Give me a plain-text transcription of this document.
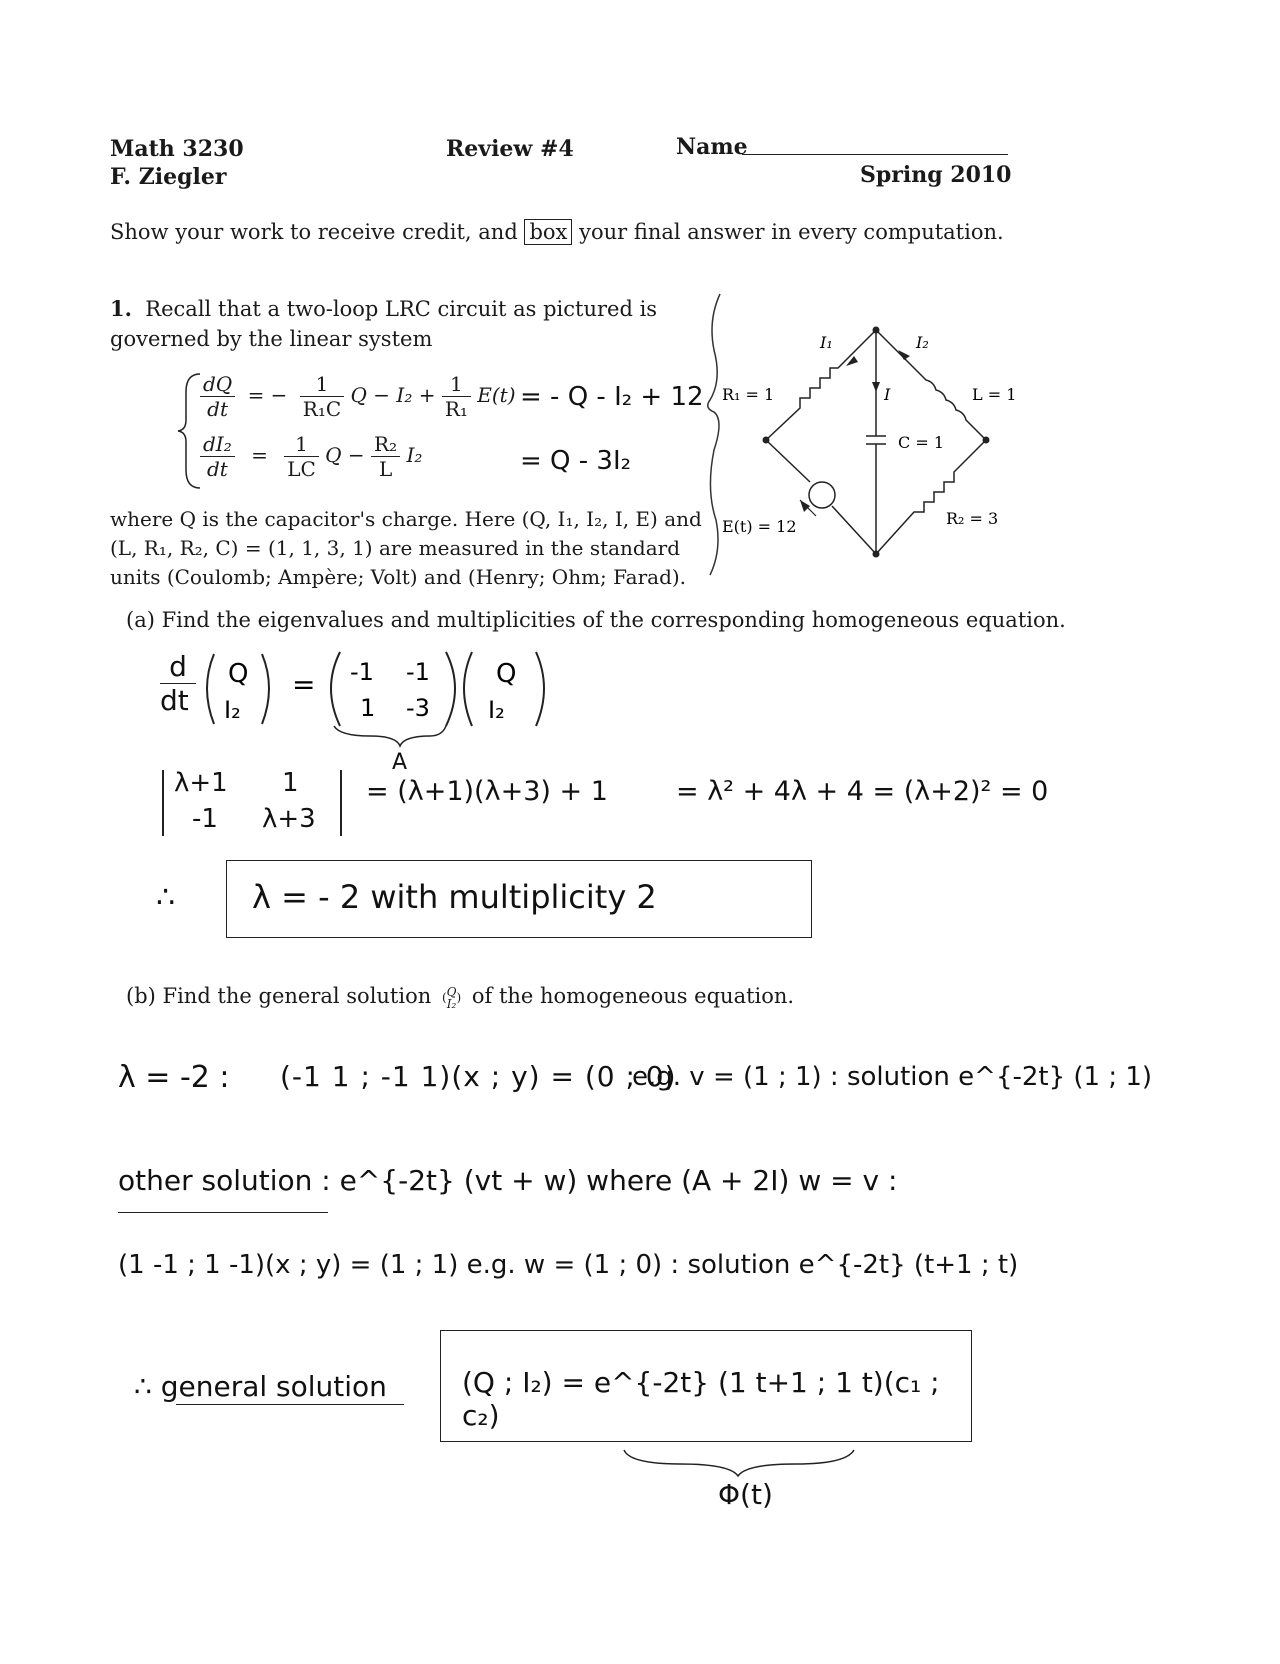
Math 3230
F. Ziegler
Review #4	Name
Spring 2010
Show your work to receive credit, and box your final answer in every computation.
1. Recall that a two-loop LRC circuit as pictured is governed by the linear system
$\frac{dQ}{dt}$ = − $\frac{1}{\text{R₁C}}$ $Q - I_2 + \frac{1}{\text{R₁}} E(t)$ = - Q - I₂ + 12
$\frac{\text{dI₂}}{dt} = \frac{1}{LC}$ $Q - \frac{\text{R₂}}{L} I_2$	= Q - 3I₂
where Q is the capacitor's charge. Here (Q, I₁, I₂, I, E) and (L, R₁, R₂, C) = (1, 1, 3, 1) are measured in the standard units (Coulomb; Ampère; Volt) and (Henry; Ohm; Farad).
I₁	I₂
I
R₁ = 1	L = 1
C = 1
E(t) = 12	R₂ = 3
(a) Find the eigenvalues and multiplicities of the corresponding homogeneous equation.
d
dt
Q
I₂
= -1 -1
1 -3
Q
I₂
A
λ+1 1
-1 λ+3
= (λ+1)(λ+3) + 1	= λ² + 4λ + 4 = (λ+2)² = 0
∴ λ = - 2 with multiplicity 2
(b) Find the general solution ( Q
I₂ ) of the homogeneous equation.
λ = -2 : (-1 1 ; -1 1)(x ; y) = (0 ; 0)
e.g. v = (1 ; 1) : solution e^{-2t} (1 ; 1)
other solution : e^{-2t} (vt + w) where (A + 2I) w = v :
(1 -1 ; 1 -1)(x ; y) = (1 ; 1) e.g. w = (1 ; 0) : solution e^{-2t} (t+1 ; t)
∴ general solution	(Q ; I₂) = e^{-2t} (1 t+1 ; 1 t)(c₁ ; c₂)
Φ(t)
